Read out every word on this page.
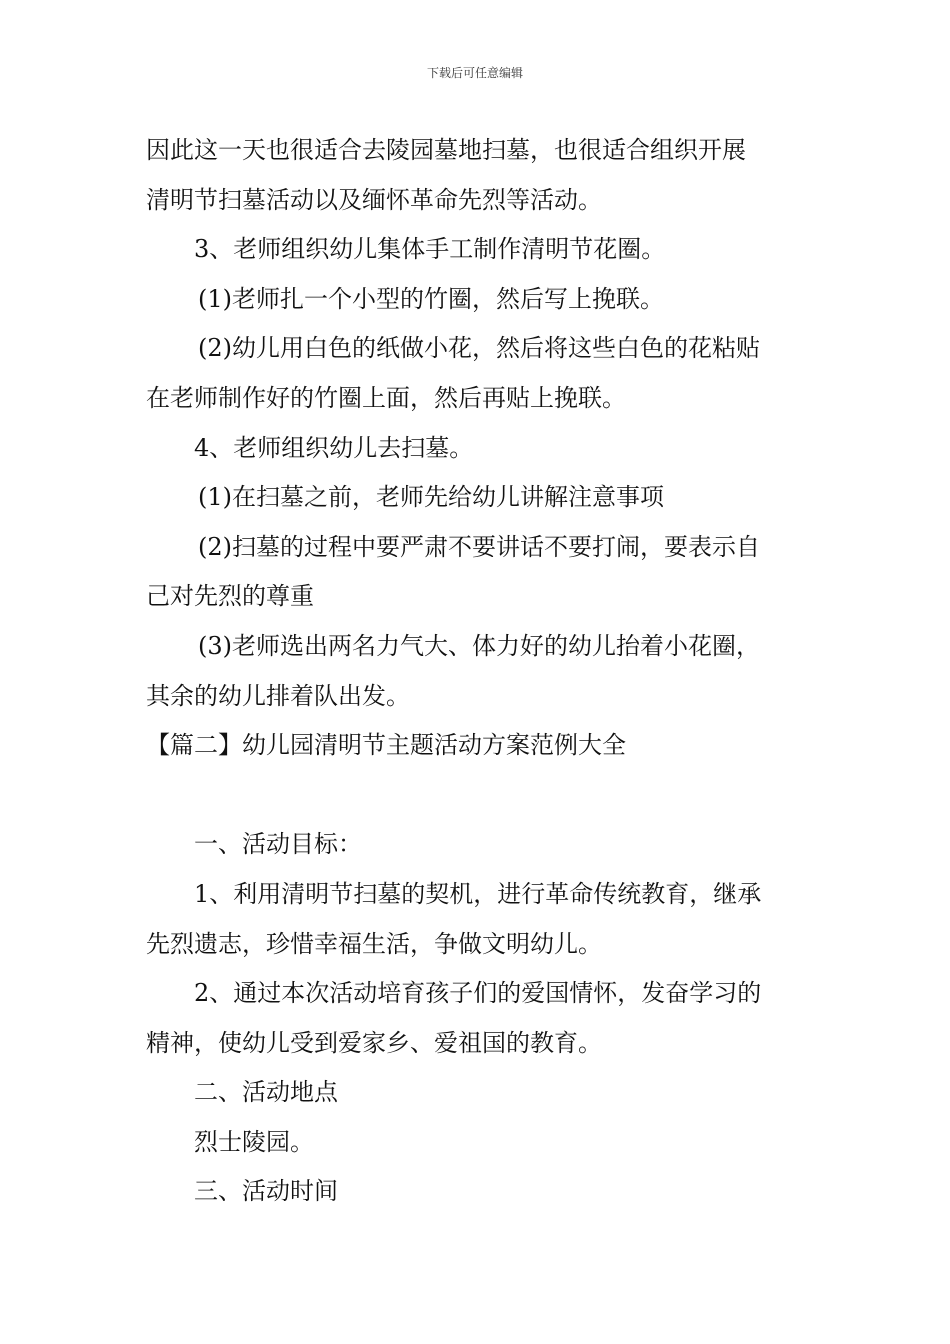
下载后可任意编辑
因此这一天也很适合去陵园墓地扫墓，也很适合组织开展
清明节扫墓活动以及缅怀革命先烈等活动。
3、老师组织幼儿集体手工制作清明节花圈。
(1)老师扎一个小型的竹圈，然后写上挽联。
(2)幼儿用白色的纸做小花，然后将这些白色的花粘贴
在老师制作好的竹圈上面，然后再贴上挽联。
4、老师组织幼儿去扫墓。
(1)在扫墓之前，老师先给幼儿讲解注意事项
(2)扫墓的过程中要严肃不要讲话不要打闹，要表示自
己对先烈的尊重
(3)老师选出两名力气大、体力好的幼儿抬着小花圈，
其余的幼儿排着队出发。
【篇二】幼儿园清明节主题活动方案范例大全
一、活动目标：
1、利用清明节扫墓的契机，进行革命传统教育，继承
先烈遗志，珍惜幸福生活，争做文明幼儿。
2、通过本次活动培育孩子们的爱国情怀，发奋学习的
精神，使幼儿受到爱家乡、爱祖国的教育。
二、活动地点
烈士陵园。
三、活动时间
